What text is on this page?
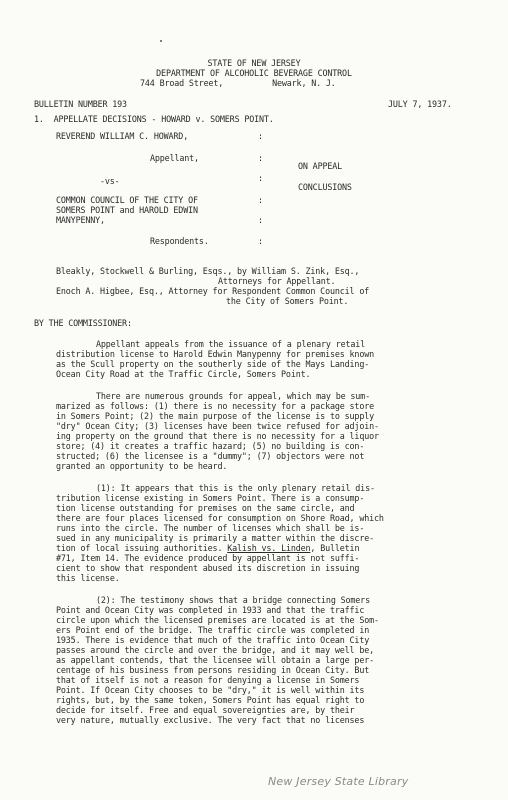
STATE OF NEW JERSEY
DEPARTMENT OF ALCOHOLIC BEVERAGE CONTROL
744 Broad Street,          Newark, N. J.
BULLETIN NUMBER 193	JULY 7, 1937.
1.  APPELLATE DECISIONS - HOWARD v. SOMERS POINT.
REVEREND WILLIAM C. HOWARD,	:
Appellant,	:
ON APPEAL
:
-vs-
CONCLUSIONS
COMMON COUNCIL OF THE CITY OF	:
SOMERS POINT and HAROLD EDWIN
MANYPENNY,	:
Respondents.	:
Bleakly, Stockwell & Burling, Esqs., by William S. Zink, Esq.,
Attorneys for Appellant.
Enoch A. Higbee, Esq., Attorney for Respondent Common Council of
the City of Somers Point.
BY THE COMMISSIONER:
Appellant appeals from the issuance of a plenary retail
distribution license to Harold Edwin Manypenny for premises known
as the Scull property on the southerly side of the Mays Landing-
Ocean City Road at the Traffic Circle, Somers Point.
There are numerous grounds for appeal, which may be sum-
marized as follows: (1) there is no necessity for a package store
in Somers Point; (2) the main purpose of the license is to supply
"dry" Ocean City; (3) licenses have been twice refused for adjoin-
ing property on the ground that there is no necessity for a liquor
store; (4) it creates a traffic hazard; (5) no building is con-
structed; (6) the licensee is a "dummy"; (7) objectors were not
granted an opportunity to be heard.
(1): It appears that this is the only plenary retail dis-
tribution license existing in Somers Point. There is a consump-
tion license outstanding for premises on the same circle, and
there are four places licensed for consumption on Shore Road, which
runs into the circle. The number of licenses which shall be is-
sued in any municipality is primarily a matter within the discre-
tion of local issuing authorities. Kalish vs. Linden, Bulletin
#71, Item 14. The evidence produced by appellant is not suffi-
cient to show that respondent abused its discretion in issuing
this license.
(2): The testimony shows that a bridge connecting Somers
Point and Ocean City was completed in 1933 and that the traffic
circle upon which the licensed premises are located is at the Som-
ers Point end of the bridge. The traffic circle was completed in
1935. There is evidence that much of the traffic into Ocean City
passes around the circle and over the bridge, and it may well be,
as appellant contends, that the licensee will obtain a large per-
centage of his business from persons residing in Ocean City. But
that of itself is not a reason for denying a license in Somers
Point. If Ocean City chooses to be "dry," it is well within its
rights, but, by the same token, Somers Point has equal right to
decide for itself. Free and equal sovereignties are, by their
very nature, mutually exclusive. The very fact that no licenses
New Jersey State Library
